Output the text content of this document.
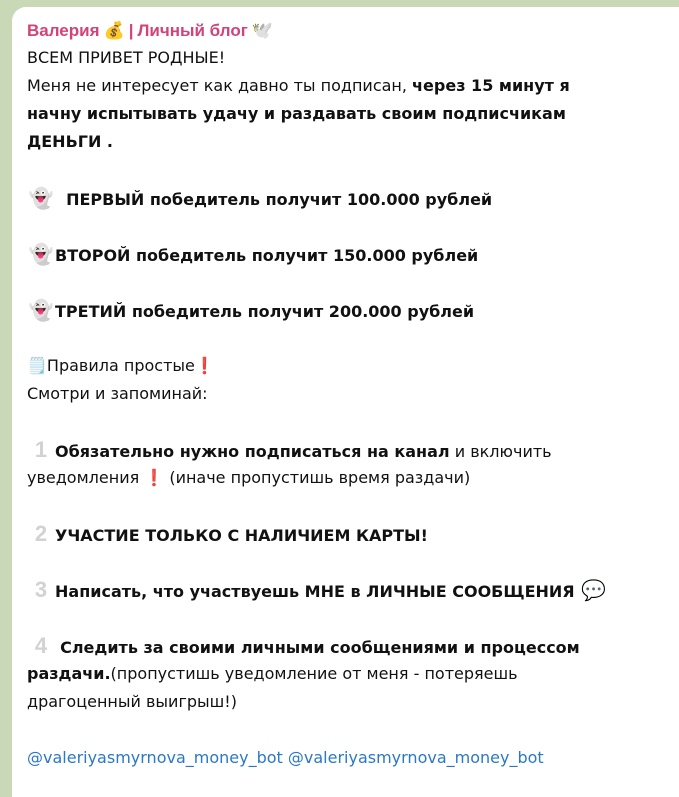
Валерия 💰 | Личный блог 🕊️
ВСЕМ ПРИВЕТ РОДНЫЕ!
Меня не интересует как давно ты подписан, через 15 минут я
начну испытывать удачу и раздавать своим подписчикам
ДЕНЬГИ .
👻 ПЕРВЫЙ победитель получит 100.000 рублей
👻ВТОРОЙ победитель получит 150.000 рублей
👻ТРЕТИЙ победитель получит 200.000 рублей
🗒️Правила простые❗
Смотри и запоминай:
1 Обязательно нужно подписаться на канал и включить
уведомления ❗ (иначе пропустишь время раздачи)
2 УЧАСТИЕ ТОЛЬКО С НАЛИЧИЕМ КАРТЫ!
3 Написать, что участвуешь МНЕ в ЛИЧНЫЕ СООБЩЕНИЯ 💬
4 Следить за своими личными сообщениями и процессом
раздачи.(пропустишь уведомление от меня - потеряешь
драгоценный выигрыш!)
@valeriyasmyrnova_money_bot @valeriyasmyrnova_money_bot
